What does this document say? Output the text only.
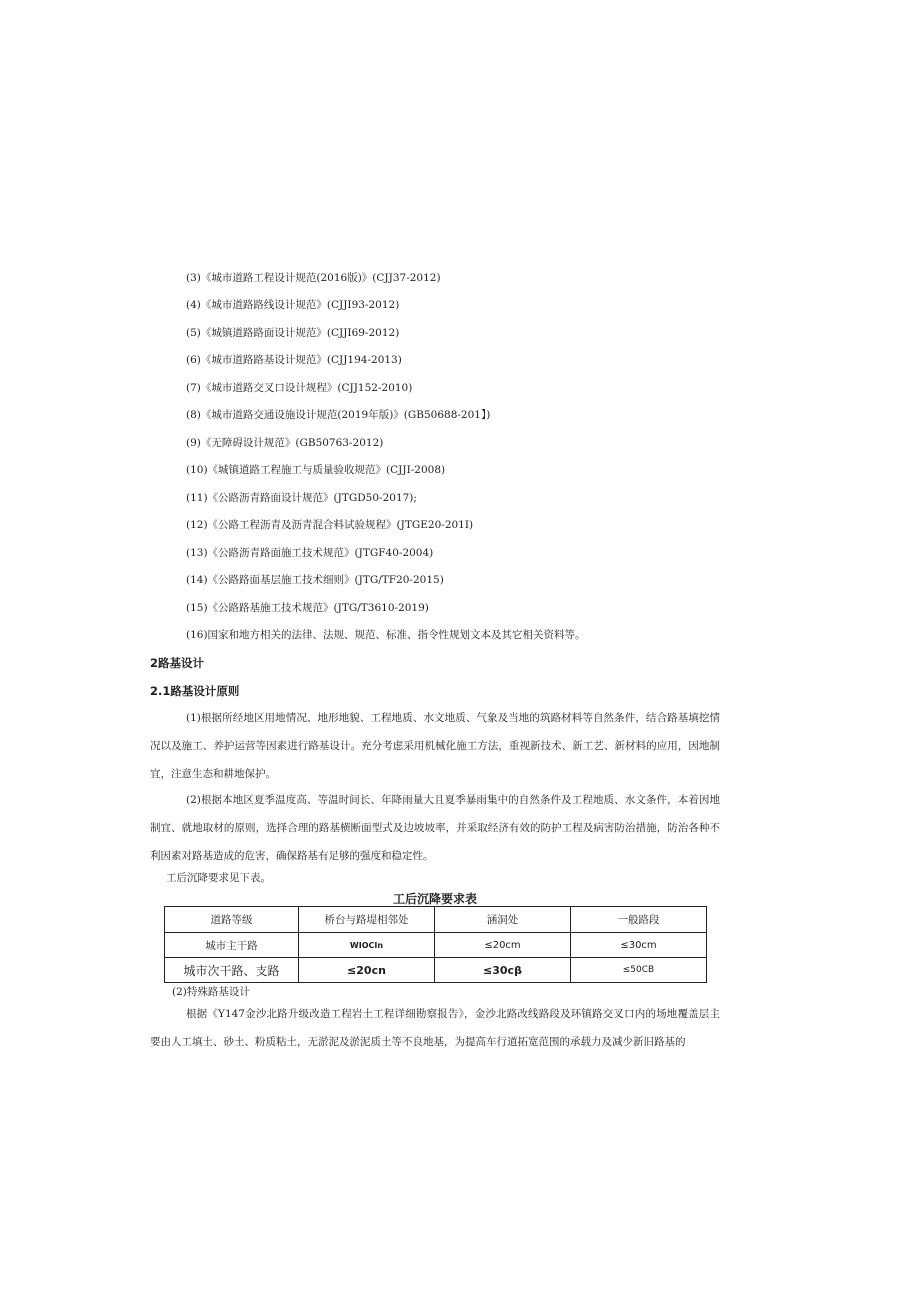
(3)《城市道路工程设计规范(2016版)》(CJJ37-2012)
(4)《城市道路路线设计规范》(CJJI93-2012)
(5)《城镇道路路面设计规范》(CJJI69-2012)
(6)《城市道路路基设计规范》(CJJ194-2013)
(7)《城市道路交叉口设计规程》(CJJ152-2010)
(8)《城市道路交通设施设计规范(2019年版)》(GB50688-201】)
(9)《无障碍设计规范》(GB50763-2012)
(10)《城镇道路工程施工与质量验收规范》(CJJI-2008)
(11)《公路沥青路面设计规范》(JTGD50-2017);
(12)《公路工程沥青及沥青混合料试验规程》(JTGE20-201I)
(13)《公路沥青路面施工技术规范》(JTGF40-2004)
(14)《公路路面基层施工技术细则》(JTG/TF20-2015)
(15)《公路路基施工技术规范》(JTG/T3610-2019)
(16)国家和地方相关的法律、法规、规范、标准、指令性规划文本及其它相关资料等。
2路基设计
2.1路基设计原则
(1)根据所经地区用地情况、地形地貌、工程地质、水文地质、气象及当地的筑路材料等自然条件，结合路基填挖情况以及施工、养护运营等因素进行路基设计。充分考虑采用机械化施工方法，重视新技术、新工艺、新材料的应用，因地制宜，注意生态和耕地保护。
(2)根据本地区夏季温度高、等温时间长、年降雨量大且夏季暴雨集中的自然条件及工程地质、水文条件，本着因地制宜、就地取材的原则，选择合理的路基横断面型式及边坡坡率，并采取经济有效的防护工程及病害防治措施，防治各种不利因素对路基造成的危害，确保路基有足够的强度和稳定性。
工后沉降要求见下表。
工后沉降要求表
道路等级	桥台与路堤相邻处	涵洞处	一般路段
城市主干路	WIOCIn	≤20cm	≤30cm
城市次干路、支路	≤20cn	≤30cβ	≤50CB
(2)特殊路基设计
根据《Y147金沙北路升级改造工程岩土工程详细勘察报告》，金沙北路改线路段及环镇路交叉口内的场地覆盖层主要由人工填土、砂土、粉质粘土，无淤泥及淤泥质土等不良地基，为提高车行道拓宽范围的承载力及减少新旧路基的
